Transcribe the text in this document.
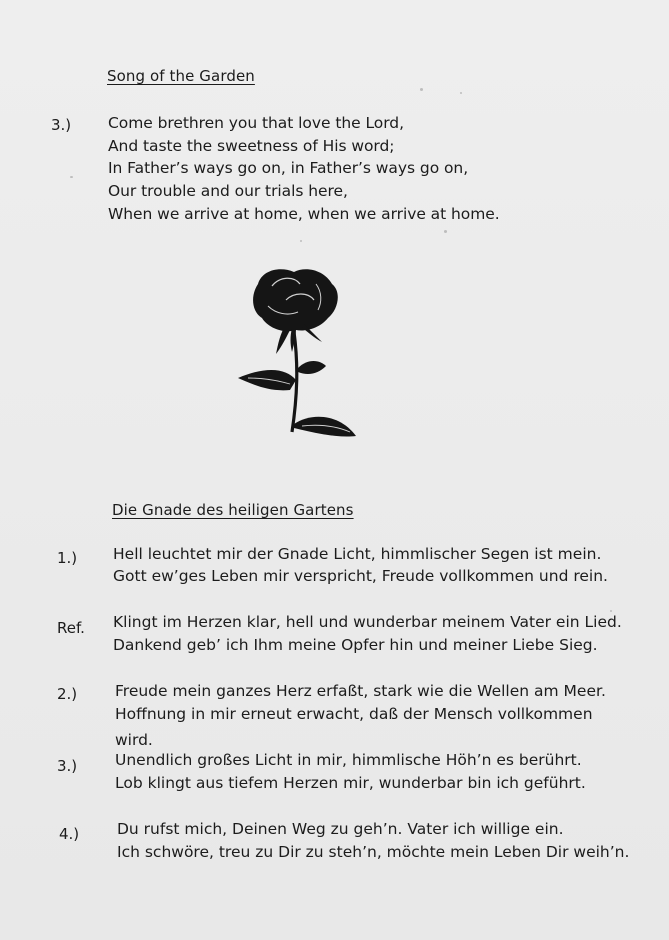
Song of the Garden
3.) Come brethren you that love the Lord,
And taste the sweetness of His word;
In Father’s ways go on, in Father’s ways go on,
Our trouble and our trials here,
When we arrive at home, when we arrive at home.
Die Gnade des heiligen Gartens
1.) Hell leuchtet mir der Gnade Licht, himmlischer Segen ist mein.
Gott ew’ges Leben mir verspricht, Freude vollkommen und rein.
Ref. Klingt im Herzen klar, hell und wunderbar meinem Vater ein Lied.
Dankend geb’ ich Ihm meine Opfer hin und meiner Liebe Sieg.
2.) Freude mein ganzes Herz erfaßt, stark wie die Wellen am Meer.
Hoffnung in mir erneut erwacht, daß der Mensch vollkommen
wird.
3.) Unendlich großes Licht in mir, himmlische Höh’n es berührt.
Lob klingt aus tiefem Herzen mir, wunderbar bin ich geführt.
4.) Du rufst mich, Deinen Weg zu geh’n. Vater ich willige ein.
Ich schwöre, treu zu Dir zu steh’n, möchte mein Leben Dir weih’n.
